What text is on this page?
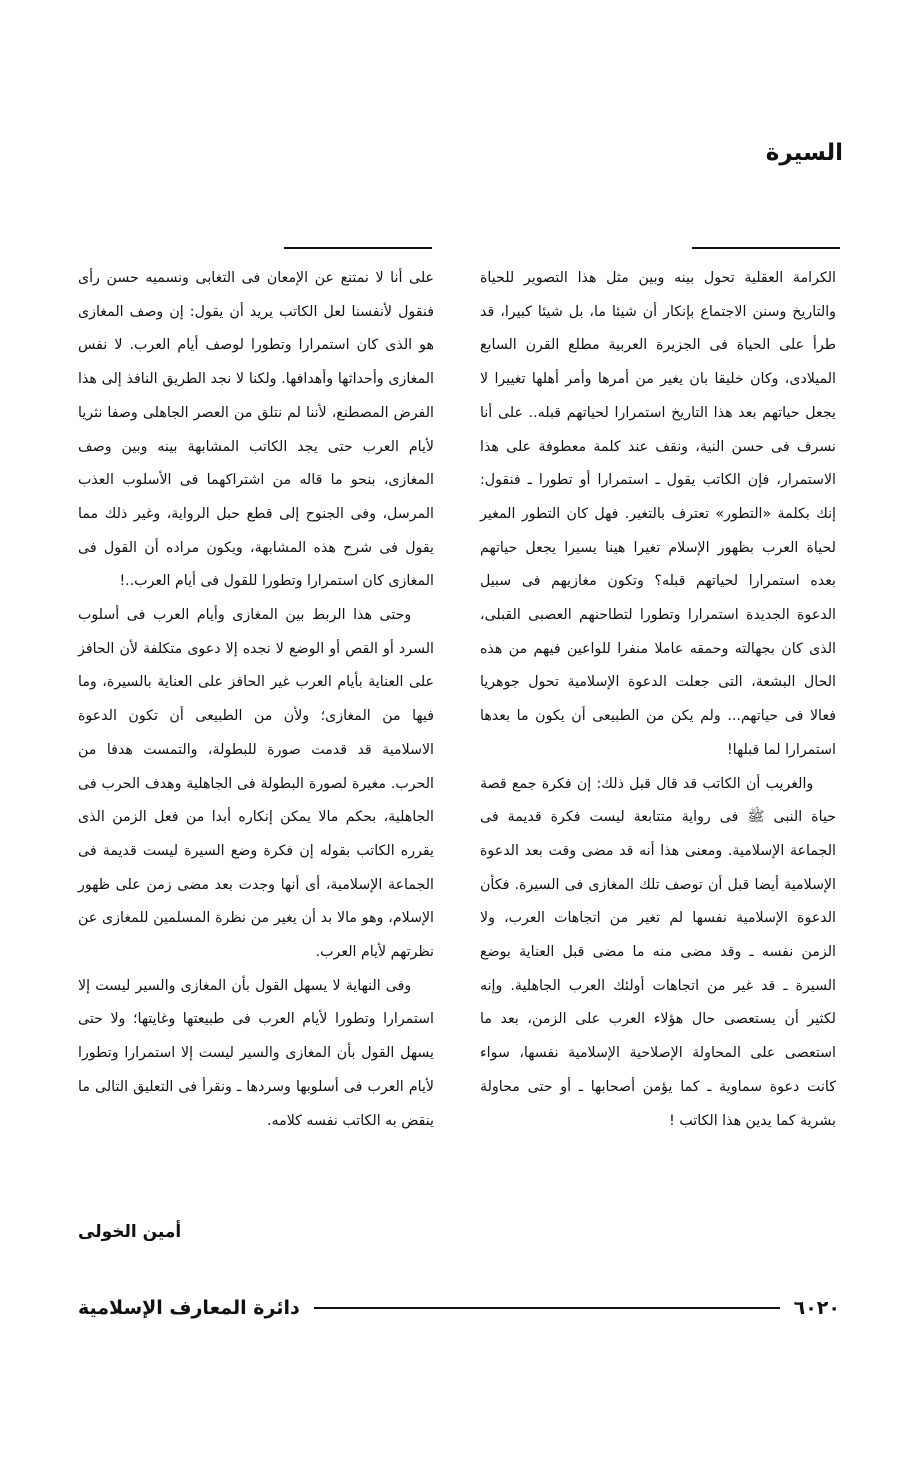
السيرة

الكرامة العقلية تحول بينه وبين مثل هذا التصوير للحياة والتاريخ وسنن الاجتماع بإنكار أن شيئا ما، بل شيئا كبيرا، قد طرأ على الحياة فى الجزيرة العربية مطلع القرن السابع الميلادى، وكان خليقا بان يغير من أمرها وأمر أهلها تغييرا لا يجعل حياتهم بعد هذا التاريخ استمرارا لحياتهم قبله.. على أنا نسرف فى حسن النية، ونقف عند كلمة معطوفة على هذا الاستمرار، فإن الكاتب يقول ـ استمرارا أو تطورا ـ فنقول: إنك بكلمة «التطور» تعترف بالتغير. فهل كان التطور المغير لحياة العرب بظهور الإسلام تغيرا هينا يسيرا يجعل حياتهم بعده استمرارا لحياتهم قبله؟ وتكون مغازيهم فى سبيل الدعوة الجديدة استمرارا وتطورا لتطاحنهم العصبى القبلى، الذى كان بجهالته وحمقه عاملا منفرا للواعين فيهم من هذه الحال البشعة، التى جعلت الدعوة الإسلامية تحول جوهريا فعالا فى حياتهم... ولم يكن من الطبيعى أن يكون ما بعدها استمرارا لما قبلها!

والغريب أن الكاتب قد قال قبل ذلك: إن فكرة جمع قصة حياة النبى ﷺ فى رواية متتابعة ليست فكرة قديمة فى الجماعة الإسلامية. ومعنى هذا أنه قد مضى وقت بعد الدعوة الإسلامية أيضا قبل أن توصف تلك المغازى فى السيرة. فكأن الدعوة الإسلامية نفسها لم تغير من اتجاهات العرب، ولا الزمن نفسه ـ وقد مضى منه ما مضى قبل العناية بوضع السيرة ـ قد غير من اتجاهات أولئك العرب الجاهلية. وإنه لكثير أن يستعصى حال هؤلاء العرب على الزمن، بعد ما استعصى على المحاولة الإصلاحية الإسلامية نفسها، سواء كانت دعوة سماوية ـ كما يؤمن أصحابها ـ أو حتى محاولة بشرية كما يدين هذا الكاتب !

على أنا لا نمتنع عن الإمعان فى التغابى ونسميه حسن رأى فنقول لأنفسنا لعل الكاتب يريد أن يقول: إن وصف المغازى هو الذى كان استمرارا وتطورا لوصف أيام العرب. لا نفس المغازى وأحداثها وأهدافها. ولكنا لا نجد الطريق النافذ إلى هذا الفرض المصطنع، لأننا لم نتلق من العصر الجاهلى وصفا نثريا لأيام العرب حتى يجد الكاتب المشابهة بينه وبين وصف المغازى، بنحو ما قاله من اشتراكهما فى الأسلوب العذب المرسل، وفى الجنوح إلى قطع حبل الرواية، وغير ذلك مما يقول فى شرح هذه المشابهة، ويكون مراده أن القول فى المغازى كان استمرارا وتطورا للقول فى أيام العرب..!

وحتى هذا الربط بين المغازى وأيام العرب فى أسلوب السرد أو القص أو الوضع لا نجده إلا دعوى متكلفة لأن الحافز على العناية بأيام العرب غير الحافز على العناية بالسيرة، وما فيها من المغازى؛ ولأن من الطبيعى أن تكون الدعوة الاسلامية قد قدمت صورة للبطولة، والتمست هدفا من الحرب. مغيرة لصورة البطولة فى الجاهلية وهدف الحرب فى الجاهلية، بحكم مالا يمكن إنكاره أبدا من فعل الزمن الذى يقرره الكاتب بقوله إن فكرة وضع السيرة ليست قديمة فى الجماعة الإسلامية، أى أنها وجدت بعد مضى زمن على ظهور الإسلام، وهو مالا بد أن يغير من نظرة المسلمين للمغازى عن نظرتهم لأيام العرب.

وفى النهاية لا يسهل القول بأن المغازى والسير ليست إلا استمرارا وتطورا لأيام العرب فى طبيعتها وغايتها؛ ولا حتى يسهل القول بأن المغازى والسير ليست إلا استمرارا وتطورا لأيام العرب فى أسلوبها وسردها ـ ونقرأ فى التعليق التالى ما ينقض به الكاتب نفسه كلامه.

أمين الخولى
دائرة المعارف الإسلامية	٦٠٢٠
